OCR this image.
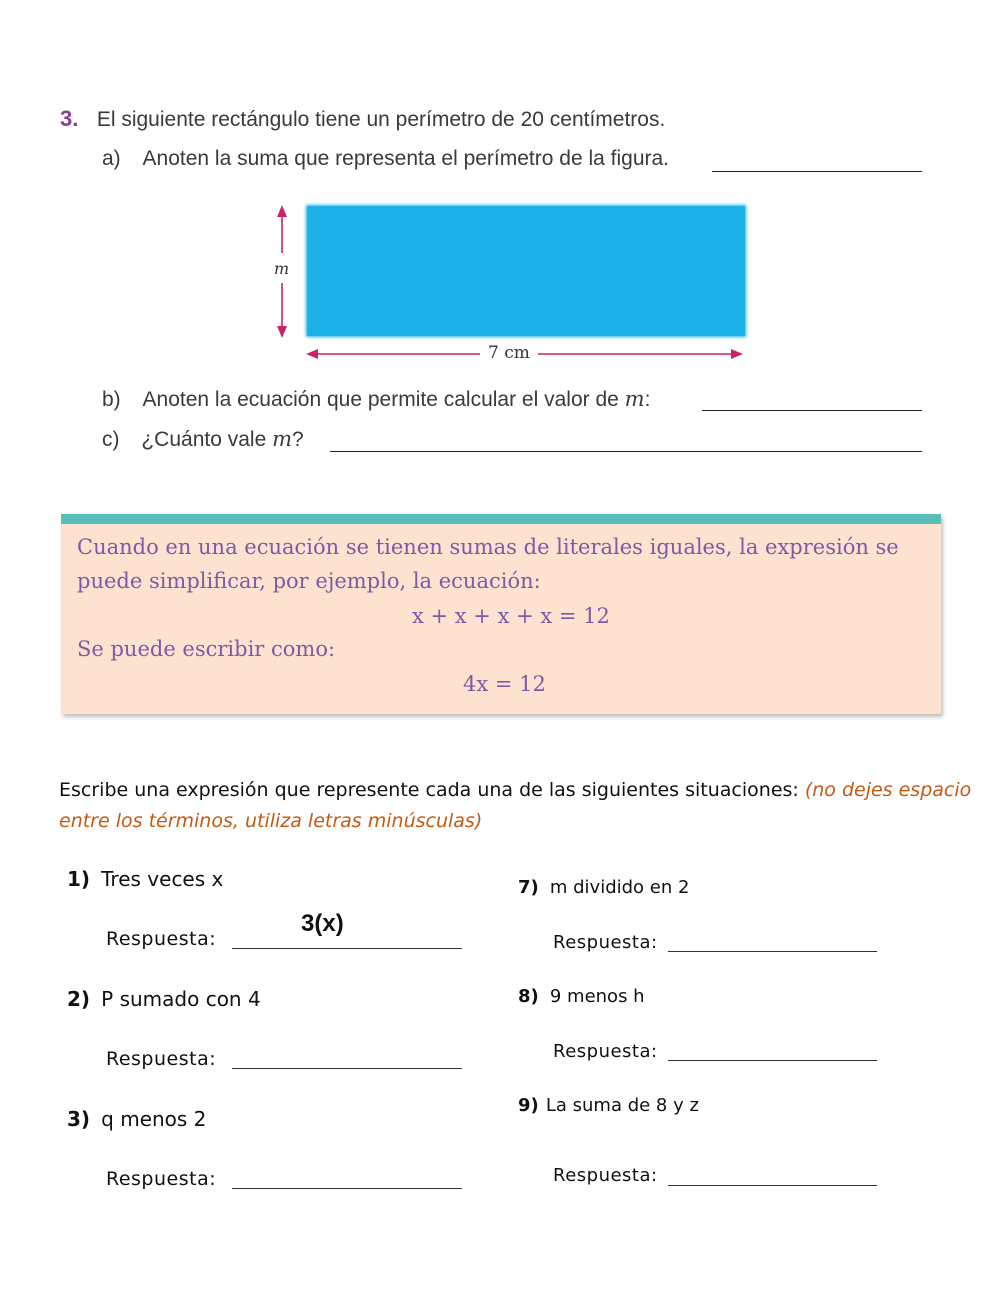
3. El siguiente rectángulo tiene un perímetro de 20 centímetros.
a) Anoten la suma que representa el perímetro de la figura.
m
7 cm
b) Anoten la ecuación que permite calcular el valor de m:
c) ¿Cuánto vale m?
Cuando en una ecuación se tienen sumas de literales iguales, la expresión se
puede simplificar, por ejemplo, la ecuación:
x + x + x + x = 12
Se puede escribir como:
4x = 12
Escribe una expresión que represente cada una de las siguientes situaciones: (no dejes espacio
entre los términos, utiliza letras minúsculas)
1) Tres veces x
Respuesta:
3(x)
2) P sumado con 4
Respuesta:
3) q menos 2
Respuesta:
7) m dividido en 2
Respuesta:
8) 9 menos h
Respuesta:
9) La suma de 8 y z
Respuesta:
